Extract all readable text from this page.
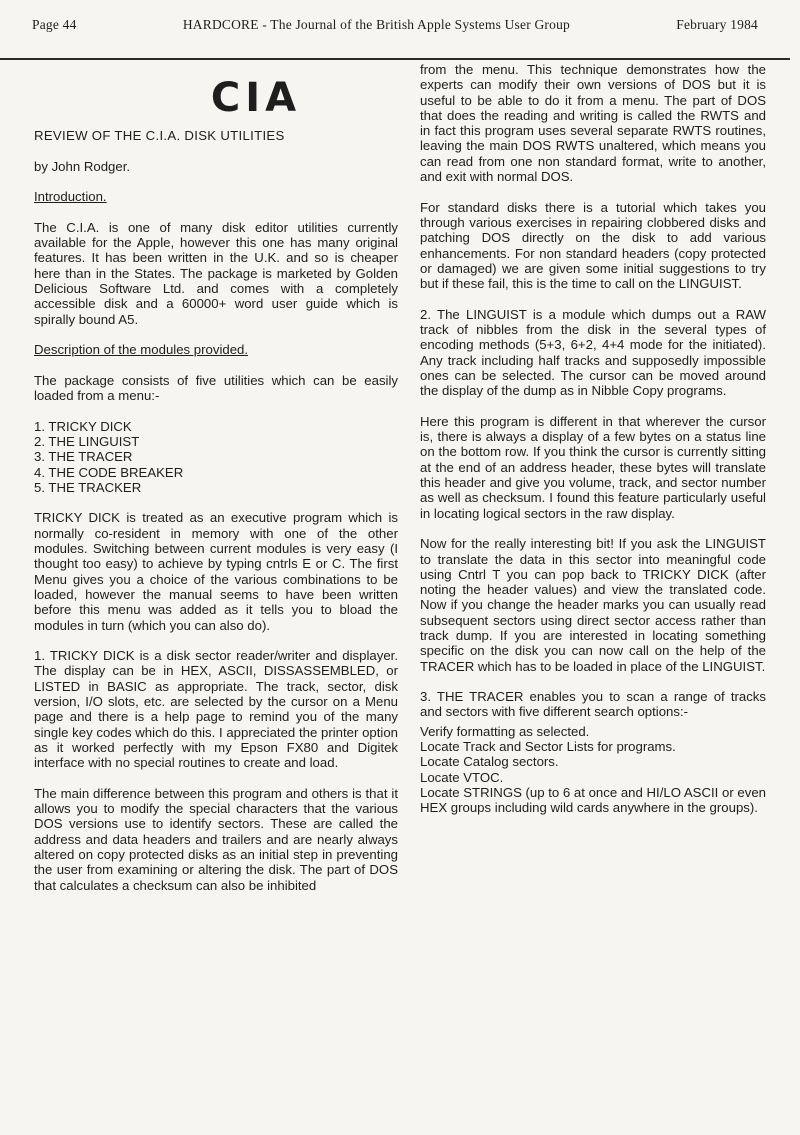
Page 44	HARDCORE - The Journal of the British Apple Systems User Group	February 1984
CIA

REVIEW OF THE C.I.A. DISK UTILITIES

by John Rodger.

Introduction.

The C.I.A. is one of many disk editor utilities currently available for the Apple, however this one has many original features. It has been written in the U.K. and so is cheaper here than in the States. The package is marketed by Golden Delicious Software Ltd. and comes with a completely accessible disk and a 60000+ word user guide which is spirally bound A5.

Description of the modules provided.

The package consists of five utilities which can be easily loaded from a menu:-

1. TRICKY DICK
2. THE LINGUIST
3. THE TRACER
4. THE CODE BREAKER
5. THE TRACKER

TRICKY DICK is treated as an executive program which is normally co-resident in memory with one of the other modules. Switching between current modules is very easy (I thought too easy) to achieve by typing cntrls E or C. The first Menu gives you a choice of the various combinations to be loaded, however the manual seems to have been written before this menu was added as it tells you to bload the modules in turn (which you can also do).

1. TRICKY DICK is a disk sector reader/writer and displayer. The display can be in HEX, ASCII, DISSASSEMBLED, or LISTED in BASIC as appropriate. The track, sector, disk version, I/O slots, etc. are selected by the cursor on a Menu page and there is a help page to remind you of the many single key codes which do this. I appreciated the printer option as it worked perfectly with my Epson FX80 and Digitek interface with no special routines to create and load.

The main difference between this program and others is that it allows you to modify the special characters that the various DOS versions use to identify sectors. These are called the address and data headers and trailers and are nearly always altered on copy protected disks as an initial step in preventing the user from examining or altering the disk. The part of DOS that calculates a checksum can also be inhibited

from the menu. This technique demonstrates how the experts can modify their own versions of DOS but it is useful to be able to do it from a menu. The part of DOS that does the reading and writing is called the RWTS and in fact this program uses several separate RWTS routines, leaving the main DOS RWTS unaltered, which means you can read from one non standard format, write to another, and exit with normal DOS.

For standard disks there is a tutorial which takes you through various exercises in repairing clobbered disks and patching DOS directly on the disk to add various enhancements. For non standard headers (copy protected or damaged) we are given some initial suggestions to try but if these fail, this is the time to call on the LINGUIST.

2. The LINGUIST is a module which dumps out a RAW track of nibbles from the disk in the several types of encoding methods (5+3, 6+2, 4+4 mode for the initiated). Any track including half tracks and supposedly impossible ones can be selected. The cursor can be moved around the display of the dump as in Nibble Copy programs.

Here this program is different in that wherever the cursor is, there is always a display of a few bytes on a status line on the bottom row. If you think the cursor is currently sitting at the end of an address header, these bytes will translate this header and give you volume, track, and sector number as well as checksum. I found this feature particularly useful in locating logical sectors in the raw display.

Now for the really interesting bit! If you ask the LINGUIST to translate the data in this sector into meaningful code using Cntrl T you can pop back to TRICKY DICK (after noting the header values) and view the translated code. Now if you change the header marks you can usually read subsequent sectors using direct sector access rather than track dump. If you are interested in locating something specific on the disk you can now call on the help of the TRACER which has to be loaded in place of the LINGUIST.

3. THE TRACER enables you to scan a range of tracks and sectors with five different search options:-

Verify formatting as selected.

Locate Track and Sector Lists for programs.

Locate Catalog sectors.

Locate VTOC.

Locate STRINGS (up to 6 at once and HI/LO ASCII or even HEX groups including wild cards anywhere in the groups).
